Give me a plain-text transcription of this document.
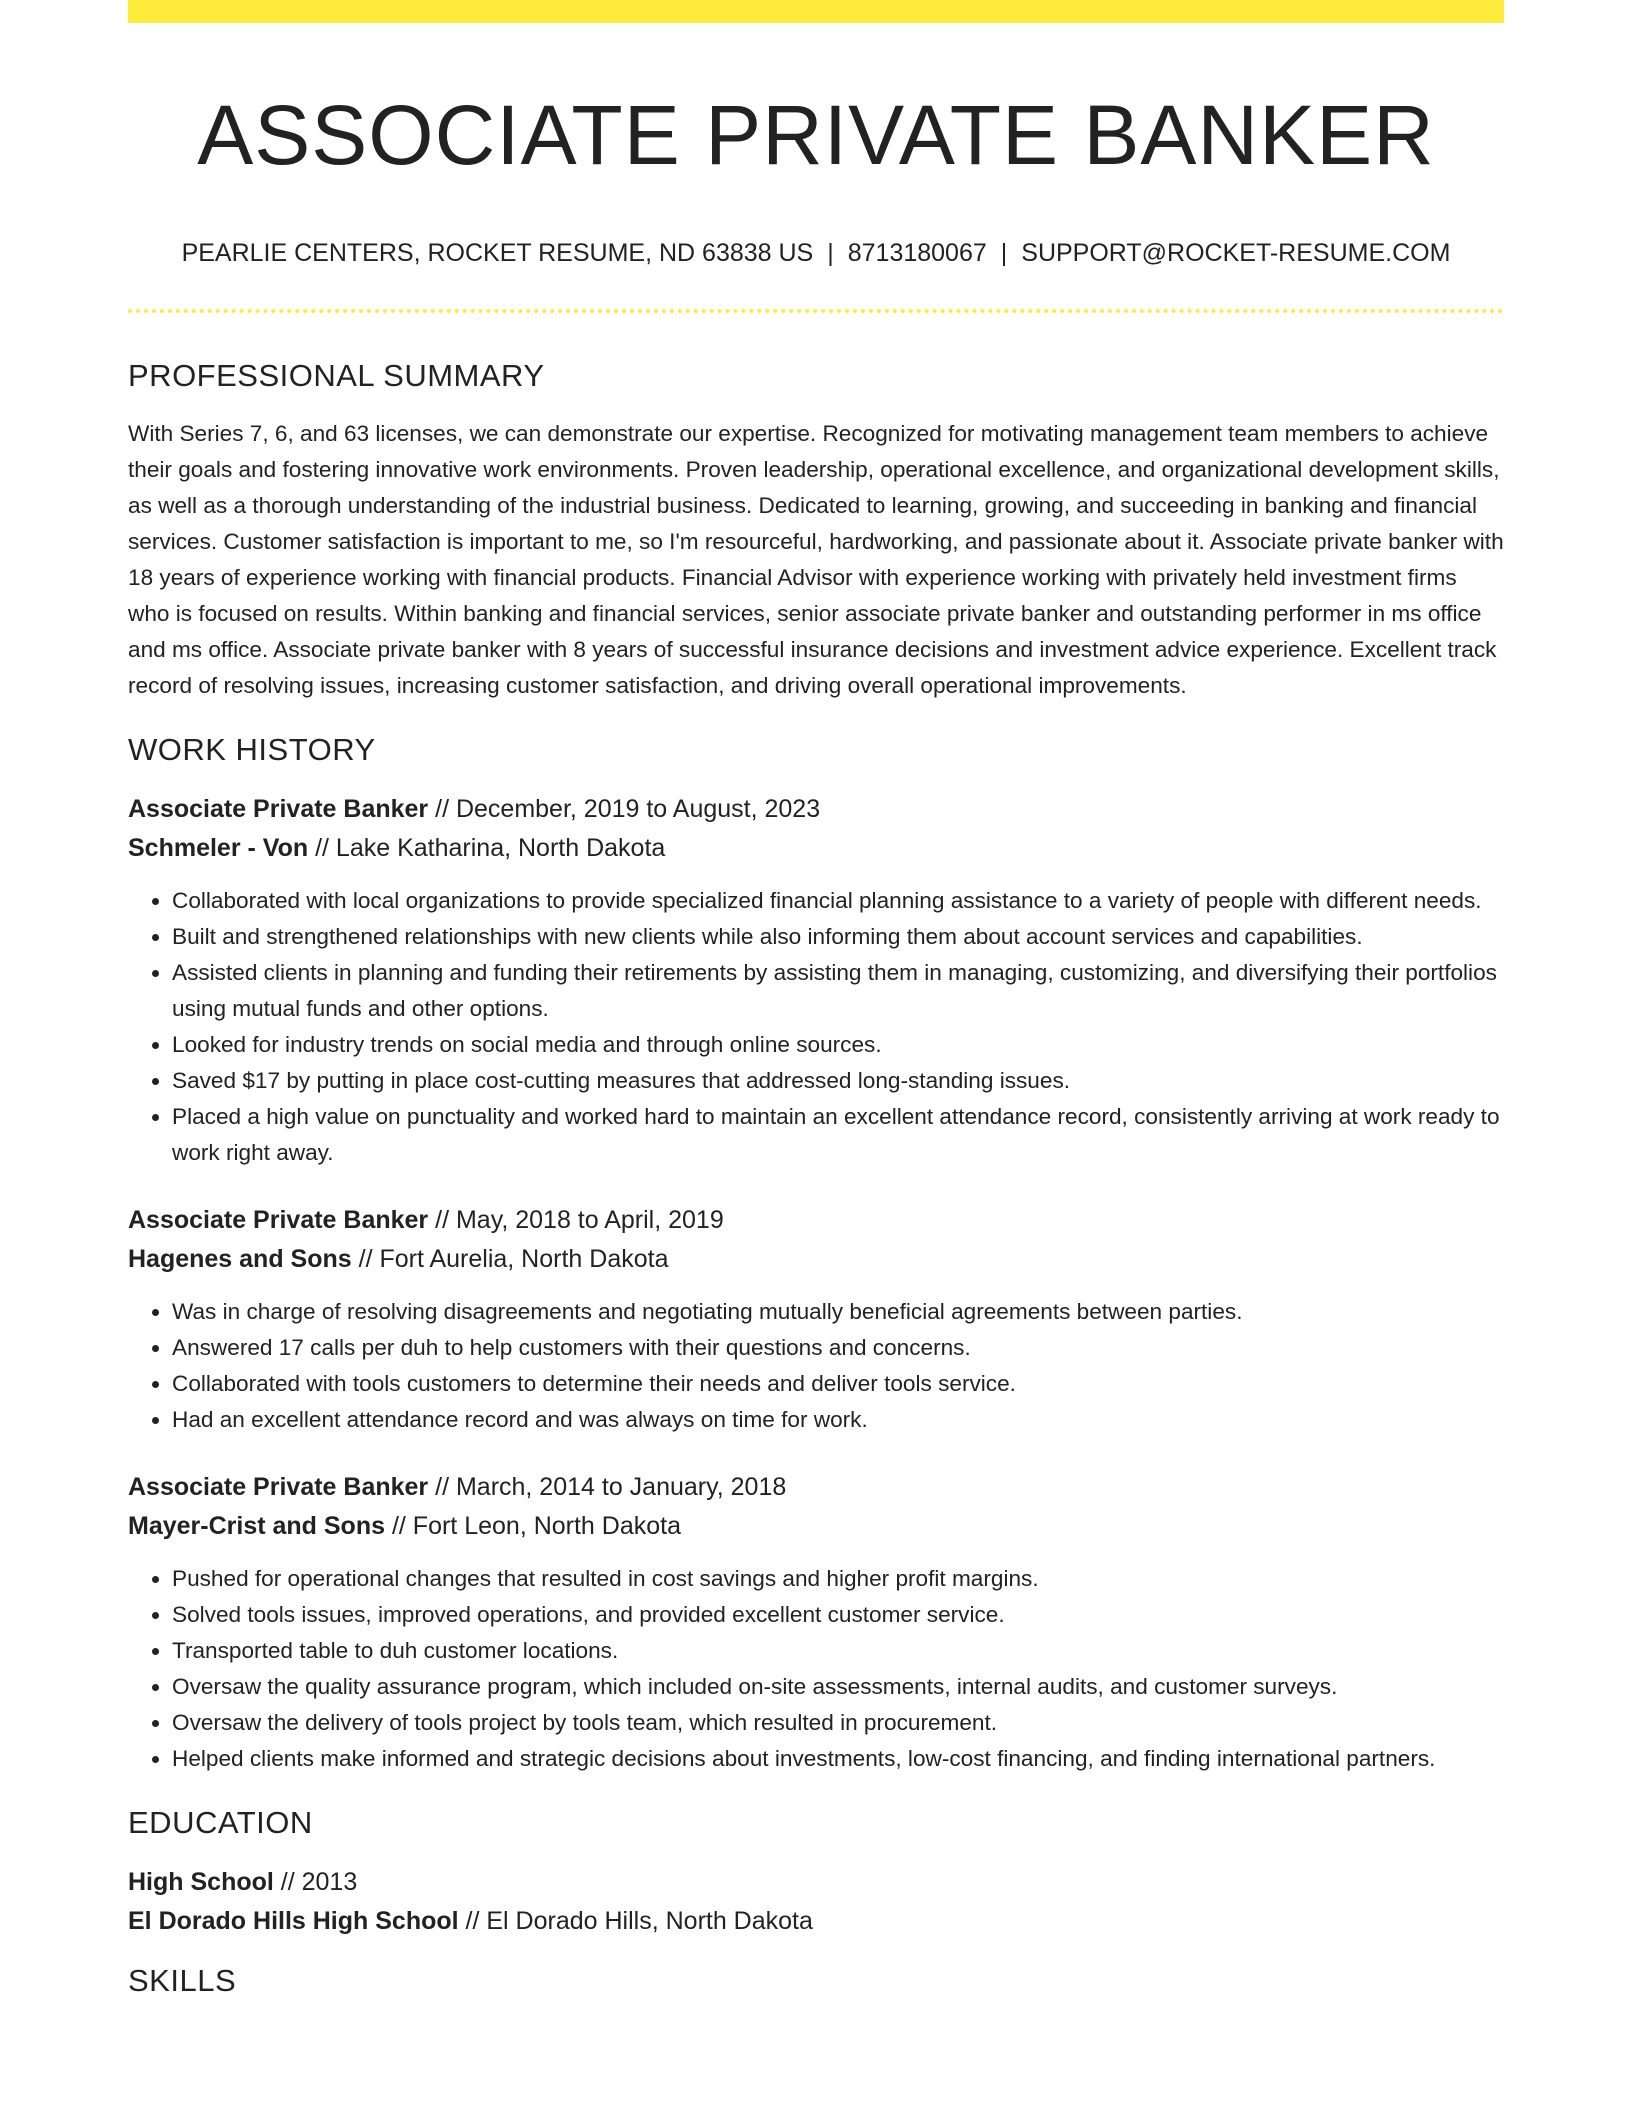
ASSOCIATE PRIVATE BANKER
PEARLIE CENTERS, ROCKET RESUME, ND 63838 US | 8713180067 | SUPPORT@ROCKET-RESUME.COM
PROFESSIONAL SUMMARY

With Series 7, 6, and 63 licenses, we can demonstrate our expertise. Recognized for motivating management team members to achieve their goals and fostering innovative work environments. Proven leadership, operational excellence, and organizational development skills, as well as a thorough understanding of the industrial business. Dedicated to learning, growing, and succeeding in banking and financial services. Customer satisfaction is important to me, so I'm resourceful, hardworking, and passionate about it. Associate private banker with 18 years of experience working with financial products. Financial Advisor with experience working with privately held investment firms who is focused on results. Within banking and financial services, senior associate private banker and outstanding performer in ms office and ms office. Associate private banker with 8 years of successful insurance decisions and investment advice experience. Excellent track record of resolving issues, increasing customer satisfaction, and driving overall operational improvements.

WORK HISTORY
Associate Private Banker // December, 2019 to August, 2023
Schmeler - Von // Lake Katharina, North Dakota
• Collaborated with local organizations to provide specialized financial planning assistance to a variety of people with different needs.
• Built and strengthened relationships with new clients while also informing them about account services and capabilities.
• Assisted clients in planning and funding their retirements by assisting them in managing, customizing, and diversifying their portfolios using mutual funds and other options.
• Looked for industry trends on social media and through online sources.
• Saved $17 by putting in place cost-cutting measures that addressed long-standing issues.
• Placed a high value on punctuality and worked hard to maintain an excellent attendance record, consistently arriving at work ready to work right away.
Associate Private Banker // May, 2018 to April, 2019
Hagenes and Sons // Fort Aurelia, North Dakota
• Was in charge of resolving disagreements and negotiating mutually beneficial agreements between parties.
• Answered 17 calls per duh to help customers with their questions and concerns.
• Collaborated with tools customers to determine their needs and deliver tools service.
• Had an excellent attendance record and was always on time for work.
Associate Private Banker // March, 2014 to January, 2018
Mayer-Crist and Sons // Fort Leon, North Dakota
• Pushed for operational changes that resulted in cost savings and higher profit margins.
• Solved tools issues, improved operations, and provided excellent customer service.
• Transported table to duh customer locations.
• Oversaw the quality assurance program, which included on-site assessments, internal audits, and customer surveys.
• Oversaw the delivery of tools project by tools team, which resulted in procurement.
• Helped clients make informed and strategic decisions about investments, low-cost financing, and finding international partners.
EDUCATION
High School // 2013
El Dorado Hills High School // El Dorado Hills, North Dakota
SKILLS
